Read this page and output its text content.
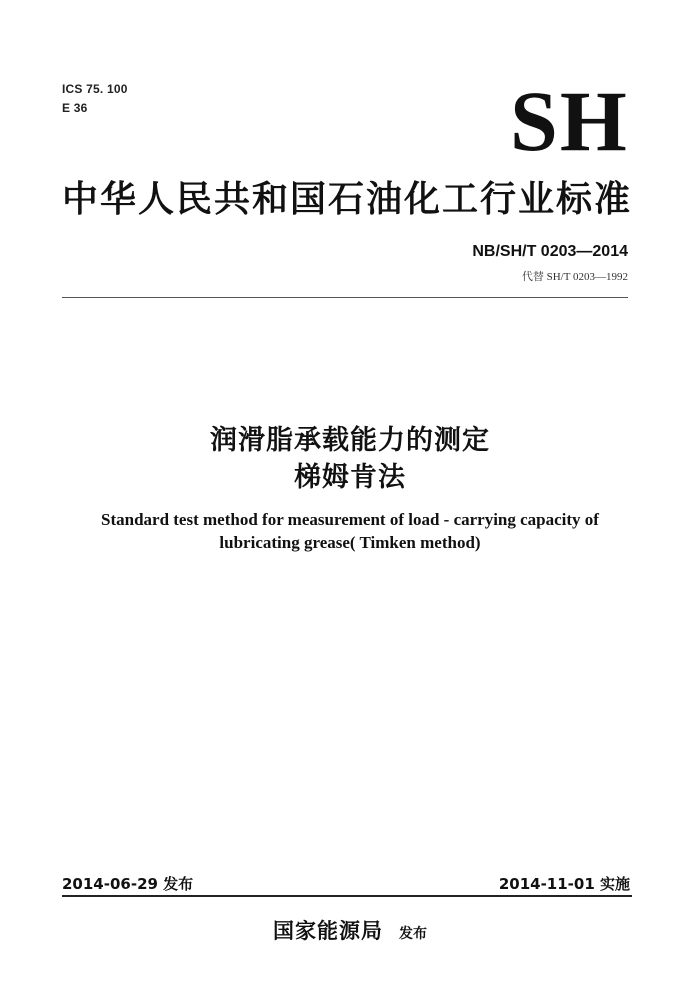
ICS 75. 100
E 36	SH
中华人民共和国石油化工行业标准
NB/SH/T 0203—2014
代替 SH/T 0203—1992
润滑脂承载能力的测定
梯姆肯法
Standard test method for measurement of load - carrying capacity of
lubricating grease( Timken method)
2014-06-29 发布	2014-11-01 实施
国家能源局 发布
